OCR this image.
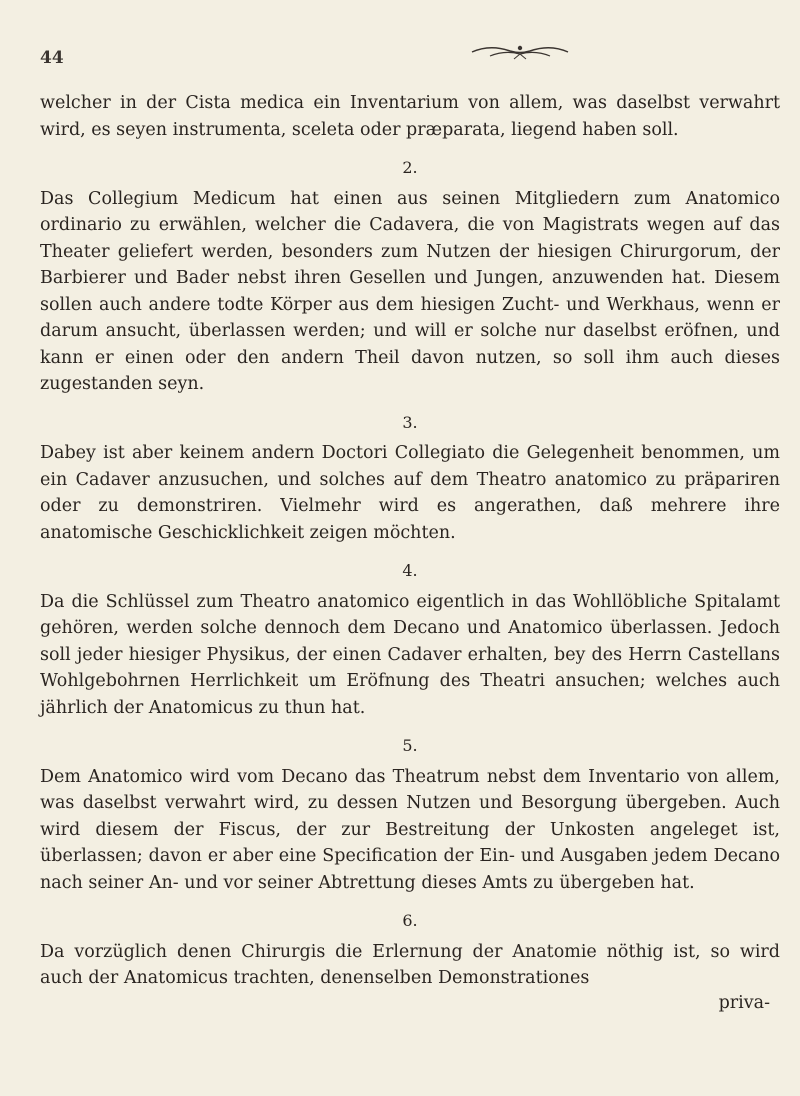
44

welcher in der Cista medica ein Inventarium von allem, was daselbst verwahrt wird, es seyen instrumenta, sceleta oder præparata, liegend haben soll.

2.

Das Collegium Medicum hat einen aus seinen Mitgliedern zum Anatomico ordinario zu erwählen, welcher die Cadavera, die von Magistrats wegen auf das Theater geliefert werden, besonders zum Nutzen der hiesigen Chirurgorum, der Barbierer und Bader nebst ihren Gesellen und Jungen, anzuwenden hat. Diesem sollen auch andere todte Körper aus dem hiesigen Zucht- und Werkhaus, wenn er darum ansucht, überlassen werden; und will er solche nur daselbst eröfnen, und kann er einen oder den andern Theil davon nutzen, so soll ihm auch dieses zugestanden seyn.

3.

Dabey ist aber keinem andern Doctori Collegiato die Gelegenheit benommen, um ein Cadaver anzusuchen, und solches auf dem Theatro anatomico zu präpariren oder zu demonstriren. Vielmehr wird es angerathen, daß mehrere ihre anatomische Geschicklichkeit zeigen möchten.

4.

Da die Schlüssel zum Theatro anatomico eigentlich in das Wohllöbliche Spitalamt gehören, werden solche dennoch dem Decano und Anatomico überlassen. Jedoch soll jeder hiesiger Physikus, der einen Cadaver erhalten, bey des Herrn Castellans Wohlgebohrnen Herrlichkeit um Eröfnung des Theatri ansuchen; welches auch jährlich der Anatomicus zu thun hat.

5.

Dem Anatomico wird vom Decano das Theatrum nebst dem Inventario von allem, was daselbst verwahrt wird, zu dessen Nutzen und Besorgung übergeben. Auch wird diesem der Fiscus, der zur Bestreitung der Unkosten angeleget ist, überlassen; davon er aber eine Specification der Ein- und Ausgaben jedem Decano nach seiner An- und vor seiner Abtrettung dieses Amts zu übergeben hat.

6.

Da vorzüglich denen Chirurgis die Erlernung der Anatomie nöthig ist, so wird auch der Anatomicus trachten, denenselben Demonstrationes

priva-
